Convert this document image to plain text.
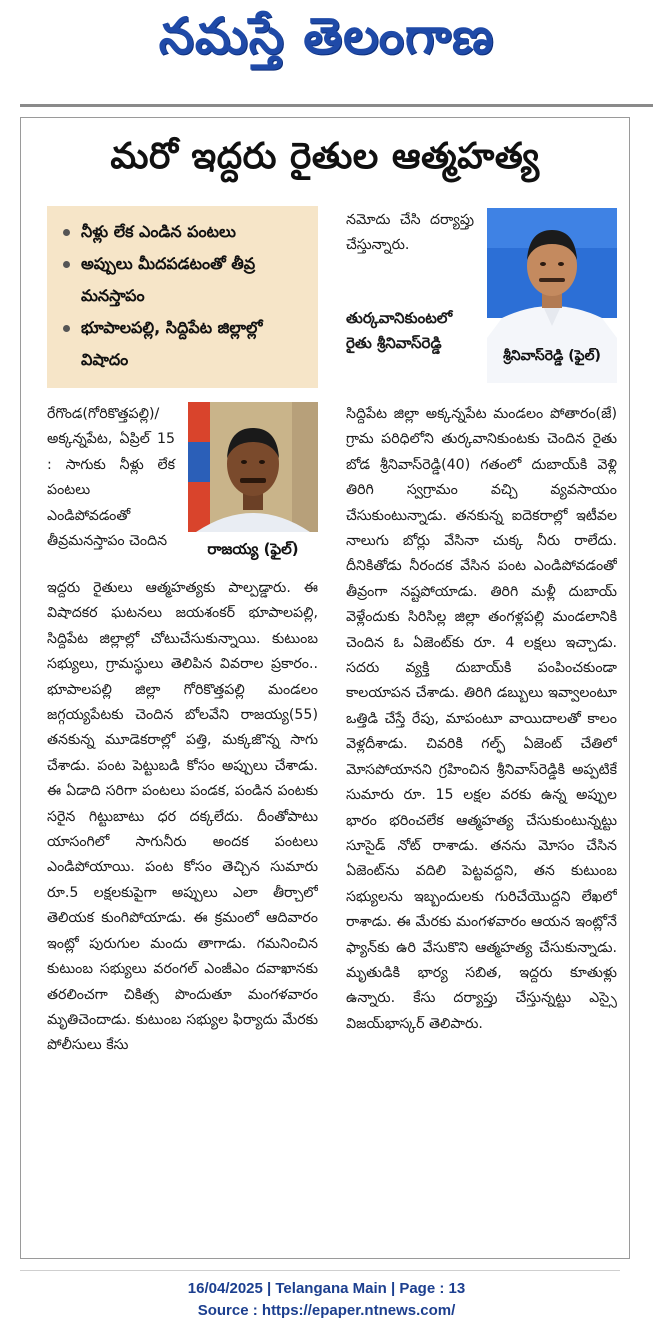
నమస్తే తెలంగాణ
మరో ఇద్దరు రైతుల ఆత్మహత్య
నీళ్లు లేక ఎండిన పంటలు
అప్పులు మీదపడటంతో తీవ్ర మనస్తాపం
భూపాలపల్లి, సిద్దిపేట జిల్లాల్లో విషాదం

నమోదు చేసి దర్యాప్తు చేస్తున్నారు.

తుర్కవానికుంటలో రైతు శ్రీనివాస్‌రెడ్డి

శ్రీనివాస్‌రెడ్డి (ఫైల్)

రేగొండ(గోరికొత్తపల్లి)/అక్కన్నపేట, ఏప్రిల్ 15 : సాగుకు నీళ్లు లేక పంటలు ఎండిపోవడంతో తీవ్రమనస్తాపం చెందిన	రాజయ్య (ఫైల్)

ఇద్దరు రైతులు ఆత్మహత్యకు పాల్పడ్డారు. ఈ విషాదకర ఘటనలు జయశంకర్ భూపాలపల్లి, సిద్దిపేట జిల్లాల్లో చోటుచేసుకున్నాయి. కుటుంబ సభ్యులు, గ్రామస్థులు తెలిపిన వివరాల ప్రకారం.. భూపాలపల్లి జిల్లా గోరికొత్తపల్లి మండలం జగ్గయ్యపేటకు చెందిన బోలవేని రాజయ్య(55) తనకున్న మూడెకరాల్లో పత్తి, మక్కజొన్న సాగు చేశాడు. పంట పెట్టుబడి కోసం అప్పులు చేశాడు. ఈ ఏడాది సరిగా పంటలు పండక, పండిన పంటకు సరైన గిట్టుబాటు ధర దక్కలేదు. దీంతోపాటు యాసంగిలో సాగునీరు అందక పంటలు ఎండిపోయాయి. పంట కోసం తెచ్చిన సుమారు రూ.5 లక్షలకుపైగా అప్పులు ఎలా తీర్చాలో తెలియక కుంగిపోయాడు. ఈ క్రమంలో ఆదివారం ఇంట్లో పురుగుల మందు తాగాడు. గమనించిన కుటుంబ సభ్యులు వరంగల్ ఎంజీఎం దవాఖానకు తరలించగా చికిత్స పొందుతూ మంగళవారం మృతిచెందాడు. కుటుంబ సభ్యుల ఫిర్యాదు మేరకు పోలీసులు కేసు

సిద్దిపేట జిల్లా అక్కన్నపేట మండలం పోతారం(జే) గ్రామ పరిధిలోని తుర్కవానికుంటకు చెందిన రైతు బోడ శ్రీనివాస్‌రెడ్డి(40) గతంలో దుబాయ్‌కి వెళ్లి తిరిగి స్వగ్రామం వచ్చి వ్యవసాయం చేసుకుంటున్నాడు. తనకున్న ఐదెకరాల్లో ఇటీవల నాలుగు బోర్లు వేసినా చుక్క నీరు రాలేదు. దీనికితోడు నీరందక వేసిన పంట ఎండిపోవడంతో తీవ్రంగా నష్టపోయాడు. తిరిగి మళ్లీ దుబాయ్ వెళ్లేందుకు సిరిసిల్ల జిల్లా తంగళ్లపల్లి మండలానికి చెందిన ఓ ఏజెంట్‌కు రూ. 4 లక్షలు ఇచ్చాడు. సదరు వ్యక్తి దుబాయ్‌కి పంపించకుండా కాలయాపన చేశాడు. తిరిగి డబ్బులు ఇవ్వాలంటూ ఒత్తిడి చేస్తే రేపు, మాపంటూ వాయిదాలతో కాలం వెళ్లదీశాడు. చివరికి గల్ఫ్ ఏజెంట్ చేతిలో మోసపోయానని గ్రహించిన శ్రీనివాస్‌రెడ్డికి అప్పటికే సుమారు రూ. 15 లక్షల వరకు ఉన్న అప్పుల భారం భరించలేక ఆత్మహత్య చేసుకుంటున్నట్టు సూసైడ్ నోట్ రాశాడు. తనను మోసం చేసిన ఏజెంట్‌ను వదిలి పెట్టవద్దని, తన కుటుంబ సభ్యులను ఇబ్బందులకు గురిచేయొద్దని లేఖలో రాశాడు. ఈ మేరకు మంగళవారం ఆయన ఇంట్లోనే ఫ్యాన్‌కు ఉరి వేసుకొని ఆత్మహత్య చేసుకున్నాడు. మృతుడికి భార్య సబిత, ఇద్దరు కూతుళ్లు ఉన్నారు. కేసు దర్యాప్తు చేస్తున్నట్టు ఎస్సై విజయ్‌భాస్కర్ తెలిపారు.

16/04/2025 | Telangana Main | Page : 13
Source : https://epaper.ntnews.com/
